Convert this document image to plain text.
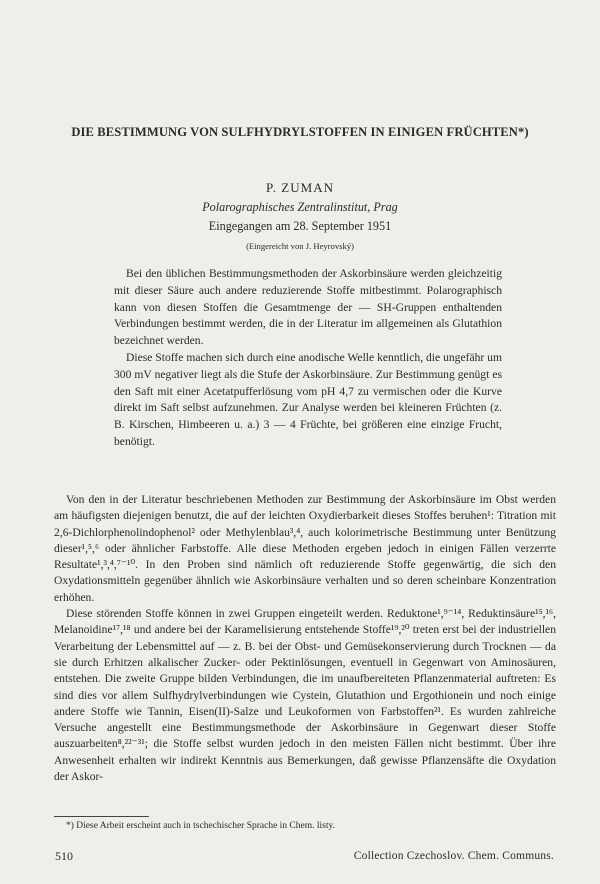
DIE BESTIMMUNG VON SULFHYDRYLSTOFFEN IN EINIGEN FRÜCHTEN*)
P. ZUMAN
Polarographisches Zentralinstitut, Prag
Eingegangen am 28. September 1951
(Eingereicht von J. Heyrovský)

Bei den üblichen Bestimmungsmethoden der Askorbinsäure werden gleichzeitig mit dieser Säure auch andere reduzierende Stoffe mitbestimmt. Polarographisch kann von diesen Stoffen die Gesamtmenge der — SH-Gruppen enthaltenden Verbindungen bestimmt werden, die in der Literatur im allgemeinen als Glutathion bezeichnet werden.

Diese Stoffe machen sich durch eine anodische Welle kenntlich, die ungefähr um 300 mV negativer liegt als die Stufe der Askorbinsäure. Zur Bestimmung genügt es den Saft mit einer Acetatpufferlösung vom pH 4,7 zu vermischen oder die Kurve direkt im Saft selbst aufzunehmen. Zur Analyse werden bei kleineren Früchten (z. B. Kirschen, Himbeeren u. a.) 3 — 4 Früchte, bei größeren eine einzige Frucht, benötigt.

Von den in der Literatur beschriebenen Methoden zur Bestimmung der Askorbinsäure im Obst werden am häufigsten diejenigen benutzt, die auf der leichten Oxydierbarkeit dieses Stoffes beruhen¹: Titration mit 2,6-Dichlorphenolindophenol² oder Methylenblau³,⁴, auch kolorimetrische Bestimmung unter Benützung dieser¹,⁵,⁶ oder ähnlicher Farbstoffe. Alle diese Methoden ergeben jedoch in einigen Fällen verzerrte Resultate¹,³,⁴,⁷⁻¹⁰. In den Proben sind nämlich oft reduzierende Stoffe gegenwärtig, die sich den Oxydationsmitteln gegenüber ähnlich wie Askorbinsäure verhalten und so deren scheinbare Konzentration erhöhen.

Diese störenden Stoffe können in zwei Gruppen eingeteilt werden. Reduktone¹,⁹⁻¹⁴, Reduktinsäure¹⁵,¹⁶, Melanoidine¹⁷,¹⁸ und andere bei der Karamelisierung entstehende Stoffe¹⁹,²⁰ treten erst bei der industriellen Verarbeitung der Lebensmittel auf — z. B. bei der Obst- und Gemüsekonservierung durch Trocknen — da sie durch Erhitzen alkalischer Zucker- oder Pektinlösungen, eventuell in Gegenwart von Aminosäuren, entstehen. Die zweite Gruppe bilden Verbindungen, die im unaufbereiteten Pflanzenmaterial auftreten: Es sind dies vor allem Sulfhydrylverbindungen wie Cystein, Glutathion und Ergothionein und noch einige andere Stoffe wie Tannin, Eisen(II)-Salze und Leukoformen von Farbstoffen²¹. Es wurden zahlreiche Versuche angestellt eine Bestimmungsmethode der Askorbinsäure in Gegenwart dieser Stoffe auszuarbeiten⁸,²²⁻³¹; die Stoffe selbst wurden jedoch in den meisten Fällen nicht bestimmt. Über ihre Anwesenheit erhalten wir indirekt Kenntnis aus Bemerkungen, daß gewisse Pflanzensäfte die Oxydation der Askor-

*) Diese Arbeit erscheint auch in tschechischer Sprache in Chem. listy.
510	Collection Czechoslov. Chem. Communs.
